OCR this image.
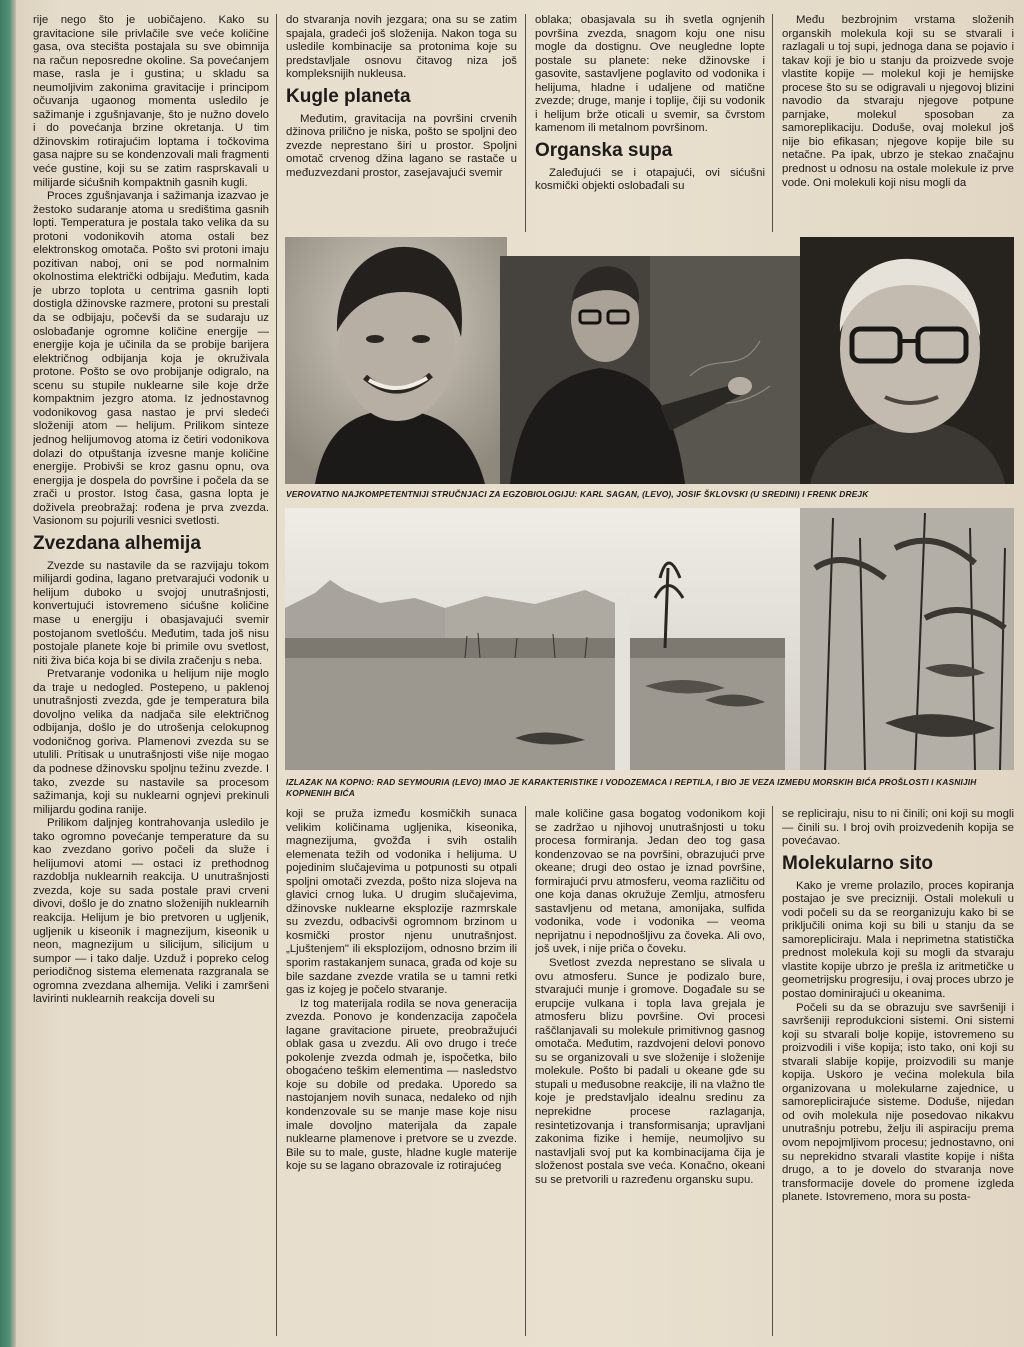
rije nego što je uobičajeno. Kako su gravitacione sile privlačile sve veće količine gasa, ova stecišta postajala su sve obimnija na račun neposredne okoline. Sa povećanjem mase, rasla je i gustina; u skladu sa neumoljivim zakonima gravitacije i principom očuvanja ugaonog momenta usledilo je sažimanje i zgušnjavanje, što je nužno dovelo i do povećanja brzine okretanja. U tim džinovskim rotirajućim loptama i točkovima gasa najpre su se kondenzovali mali fragmenti veće gustine, koji su se zatim rasprskavali u milijarde sićušnih kompaktnih gasnih kugli.

Proces zgušnjavanja i sažimanja izazvao je žestoko sudaranje atoma u središtima gasnih lopti. Temperatura je postala tako velika da su protoni vodonikovih atoma ostali bez elektronskog omotača. Pošto svi protoni imaju pozitivan naboj, oni se pod normalnim okolnostima električki odbijaju. Međutim, kada je ubrzo toplota u centrima gasnih lopti dostigla džinovske razmere, protoni su prestali da se odbijaju, počevši da se sudaraju uz oslobađanje ogromne količine energije — energije koja je učinila da se probije barijera električnog odbijanja koja je okruživala protone. Pošto se ovo probijanje odigralo, na scenu su stupile nuklearne sile koje drže kompaktnim jezgro atoma. Iz jednostavnog vodonikovog gasa nastao je prvi sledeći složeniji atom — helijum. Prilikom sinteze jednog helijumovog atoma iz četiri vodonikova dolazi do otpuštanja izvesne manje količine energije. Probivši se kroz gasnu opnu, ova energija je dospela do površine i počela da se zrači u prostor. Istog časa, gasna lopta je doživela preobražaj: rođena je prva zvezda. Vasionom su pojurili vesnici svetlosti.

Zvezdana alhemija

Zvezde su nastavile da se razvijaju tokom milijardi godina, lagano pretvarajući vodonik u helijum duboko u svojoj unutrašnjosti, konvertujući istovremeno sićušne količine mase u energiju i obasjavajući svemir postojanom svetlošću. Međutim, tada još nisu postojale planete koje bi primile ovu svetlost, niti živa bića koja bi se divila zračenju s neba.

Pretvaranje vodonika u helijum nije moglo da traje u nedogled. Postepeno, u paklenoj unutrašnjosti zvezda, gde je temperatura bila dovoljno velika da nadjača sile električnog odbijanja, došlo je do utrošenja celokupnog vodoničnog goriva. Plamenovi zvezda su se utulili. Pritisak u unutrašnjosti više nije mogao da podnese džinovsku spoljnu težinu zvezde. I tako, zvezde su nastavile sa procesom sažimanja, koji su nuklearni ognjevi prekinuli milijardu godina ranije.

Prilikom daljnjeg kontrahovanja usledilo je tako ogromno povećanje temperature da su kao zvezdano gorivo počeli da služe i helijumovi atomi — ostaci iz prethodnog razdoblja nuklearnih reakcija. U unutrašnjosti zvezda, koje su sada postale pravi crveni divovi, došlo je do znatno složenijih nuklearnih reakcija. Helijum je bio pretvoren u ugljenik, ugljenik u kiseonik i magnezijum, kiseonik u neon, magnezijum u silicijum, silicijum u sumpor — i tako dalje. Uzduž i popreko celog periodičnog sistema elemenata razgranala se ogromna zvezdana alhemija. Veliki i zamršeni lavirinti nuklearnih reakcija doveli su

do stvaranja novih jezgara; ona su se zatim spajala, gradeći još složenija. Nakon toga su usledile kombinacije sa protonima koje su predstavljale osnovu čitavog niza još kompleksnijih nukleusa.

Kugle planeta

Međutim, gravitacija na površini crvenih džinova prilično je niska, pošto se spoljni deo zvezde neprestano širi u prostor. Spoljni omotač crvenog džina lagano se rastače u međuzvezdani prostor, zasejavajući svemir

oblaka; obasjavala su ih svetla ognjenih površina zvezda, snagom koju one nisu mogle da dostignu. Ove neugledne lopte postale su planete: neke džinovske i gasovite, sastavljene poglavito od vodonika i helijuma, hladne i udaljene od matične zvezde; druge, manje i toplije, čiji su vodonik i helijum brže oticali u svemir, sa čvrstom kamenom ili metalnom površinom.

Organska supa

Zaleđujući se i otapajući, ovi sićušni kosmički objekti oslobađali su

Među bezbrojnim vrstama složenih organskih molekula koji su se stvarali i razlagali u toj supi, jednoga dana se pojavio i takav koji je bio u stanju da proizvede svoje vlastite kopije — molekul koji je hemijske procese što su se odigravali u njegovoj blizini navodio da stvaraju njegove potpune parnjake, molekul sposoban za samoreplikaciju. Doduše, ovaj molekul još nije bio efikasan; njegove kopije bile su netačne. Pa ipak, ubrzo je stekao značajnu prednost u odnosu na ostale molekule iz prve vode. Oni molekuli koji nisu mogli da

VEROVATNO NAJKOMPETENTNIJI STRUČNJACI ZA EGZOBIOLOGIJU: KARL SAGAN, (LEVO), JOSIF ŠKLOVSKI (U SREDINI) I FRENK DREJK
IZLAZAK NA KOPNO: RAD SEYMOURIA (LEVO) IMAO JE KARAKTERISTIKE I VODOZEMACA I REPTILA, I BIO JE VEZA IZMEĐU MORSKIH BIĆA PROŠLOSTI I KASNIJIH KOPNENIH BIĆA

koji se pruža između kosmičkih sunaca velikim količinama ugljenika, kiseonika, magnezijuma, gvožđa i svih ostalih elemenata težih od vodonika i helijuma. U pojedinim slučajevima u potpunosti su otpali spoljni omotači zvezda, pošto niza slojeva na glavici crnog luka. U drugim slučajevima, džinovske nuklearne eksplozije razmrskale su zvezdu, odbacivši ogromnom brzinom u kosmički prostor njenu unutrašnjost. „Ljuštenjem" ili eksplozijom, odnosno brzim ili sporim rastakanjem sunaca, građa od koje su bile sazdane zvezde vratila se u tamni retki gas iz kojeg je počelo stvaranje.

Iz tog materijala rodila se nova generacija zvezda. Ponovo je kondenzacija započela lagane gravitacione piruete, preobražujući oblak gasa u zvezdu. Ali ovo drugo i treće pokolenje zvezda odmah je, ispočetka, bilo obogaćeno teškim elementima — nasledstvo koje su dobile od predaka. Uporedo sa nastojanjem novih sunaca, nedaleko od njih kondenzovale su se manje mase koje nisu imale dovoljno materijala da zapale nuklearne plamenove i pretvore se u zvezde. Bile su to male, guste, hladne kugle materije koje su se lagano obrazovale iz rotirajućeg

male količine gasa bogatog vodonikom koji se zadržao u njihovoj unutrašnjosti u toku procesa formiranja. Jedan deo tog gasa kondenzovao se na površini, obrazujući prve okeane; drugi deo ostao je iznad površine, formirajući prvu atmosferu, veoma različitu od one koja danas okružuje Zemlju, atmosferu sastavljenu od metana, amonijaka, sulfida vodonika, vode i vodonika — veoma neprijatnu i nepodnošljivu za čoveka. Ali ovo, još uvek, i nije priča o čoveku.

Svetlost zvezda neprestano se slivala u ovu atmosferu. Sunce je podizalo bure, stvarajući munje i gromove. Događale su se erupcije vulkana i topla lava grejala je atmosferu blizu površine. Ovi procesi raščlanjavali su molekule primitivnog gasnog omotača. Međutim, razdvojeni delovi ponovo su se organizovali u sve složenije i složenije molekule. Pošto bi padali u okeane gde su stupali u međusobne reakcije, ili na vlažno tle koje je predstavljalo idealnu sredinu za neprekidne procese razlaganja, resintetizovanja i transformisanja; upravljani zakonima fizike i hemije, neumoljivo su nastavljali svoj put ka kombinacijama čija je složenost postala sve veća. Konačno, okeani su se pretvorili u razređenu organsku supu.

se replicirаju, nisu to ni činili; oni koji su mogli — činili su. I broj ovih proizvedenih kopija se povećavao.

Molekularno sito

Kako je vreme prolazilo, proces kopiranja postajao je sve precizniji. Ostali molekuli u vodi počeli su da se reorganizuju kako bi se priključili onima koji su bili u stanju da se samoreplicirаju. Mala i neprimetna statistička prednost molekula koji su mogli da stvaraju vlastite kopije ubrzo je prešla iz aritmetičke u geometrijsku progresiju, i ovaj proces ubrzo je postao dominirajući u okeanima.

Počeli su da se obrazuju sve savršeniji i savršeniji reprodukcioni sistemi. Oni sistemi koji su stvarali bolje kopije, istovremeno su proizvodili i više kopija; isto tako, oni koji su stvarali slabije kopije, proizvodili su manje kopija. Uskoro je većina molekula bila organizovana u molekularne zajednice, u samoreplicirajuće sisteme. Doduše, nijedan od ovih molekula nije posedovao nikakvu unutrašnju potrebu, želju ili aspiraciju prema ovom nepojmljivom procesu; jednostavno, oni su neprekidno stvarali vlastite kopije i ništa drugo, a to je dovelo do stvaranja nove transformacije dovele do promene izgleda planete. Istovremeno, mora su posta-
